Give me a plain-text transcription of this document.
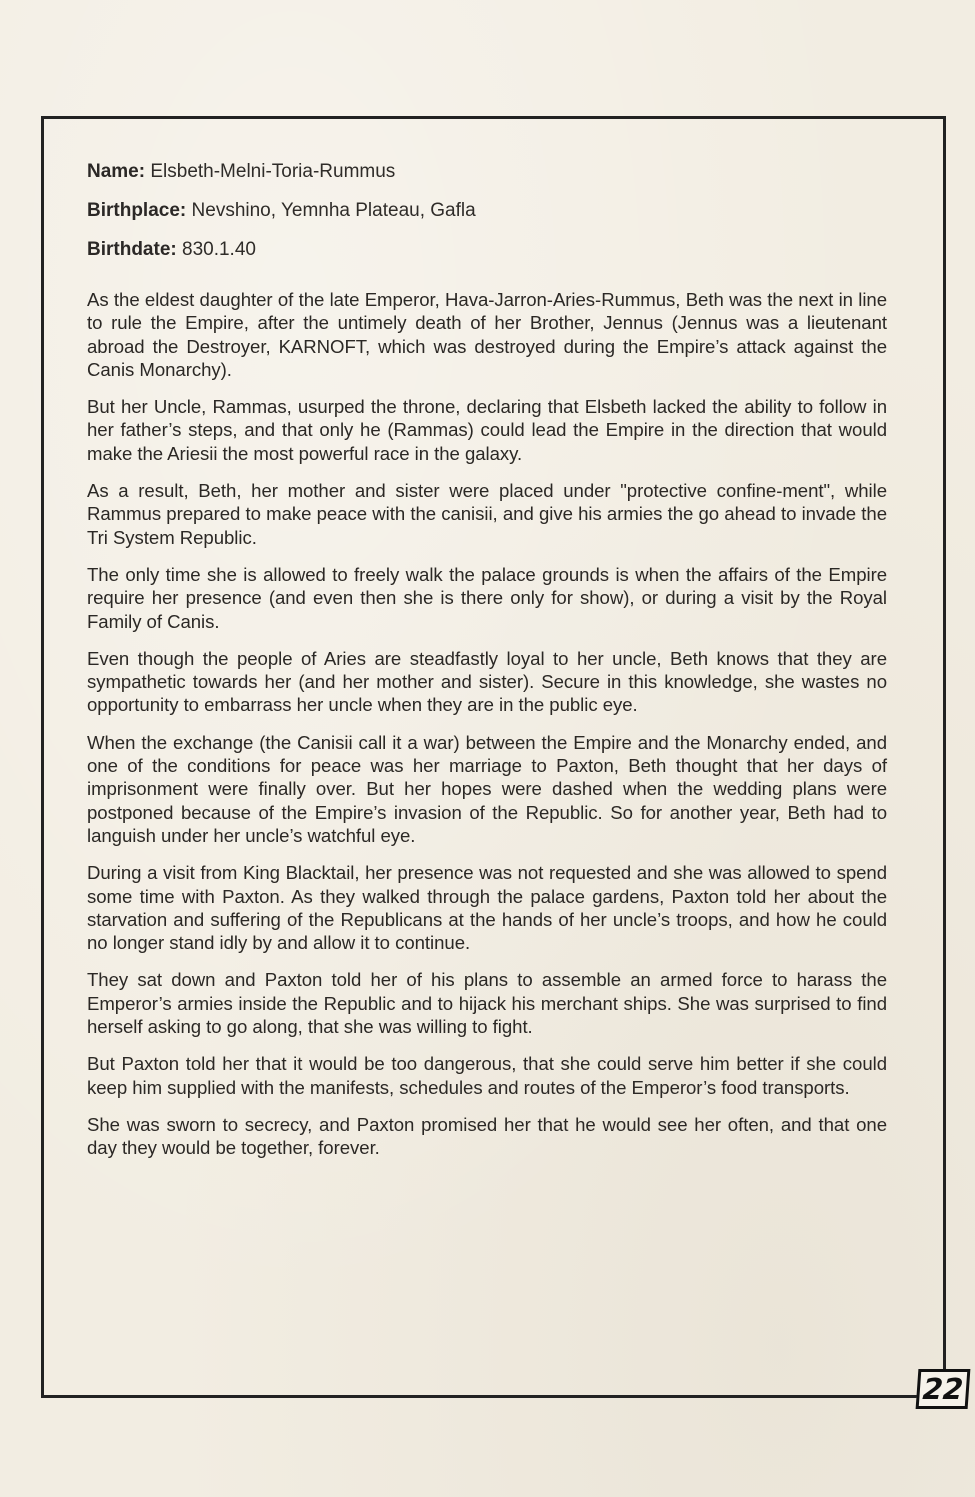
Name: Elsbeth-Melni-Toria-Rummus
Birthplace: Nevshino, Yemnha Plateau, Gafla
Birthdate: 830.1.40

As the eldest daughter of the late Emperor, Hava-Jarron-Aries-Rummus, Beth was the next in line to rule the Empire, after the untimely death of her Brother, Jennus (Jennus was a lieutenant abroad the Destroyer, KARNOFT, which was destroyed during the Empire’s attack against the Canis Monarchy).

But her Uncle, Rammas, usurped the throne, declaring that Elsbeth lacked the ability to follow in her father’s steps, and that only he (Rammas) could lead the Empire in the direction that would make the Ariesii the most powerful race in the galaxy.

As a result, Beth, her mother and sister were placed under "protective confine-ment", while Rammus prepared to make peace with the canisii, and give his armies the go ahead to invade the Tri System Republic.

The only time she is allowed to freely walk the palace grounds is when the affairs of the Empire require her presence (and even then she is there only for show), or during a visit by the Royal Family of Canis.

Even though the people of Aries are steadfastly loyal to her uncle, Beth knows that they are sympathetic towards her (and her mother and sister). Secure in this knowledge, she wastes no opportunity to embarrass her uncle when they are in the public eye.

When the exchange (the Canisii call it a war) between the Empire and the Monarchy ended, and one of the conditions for peace was her marriage to Paxton, Beth thought that her days of imprisonment were finally over. But her hopes were dashed when the wedding plans were postponed because of the Empire’s invasion of the Republic. So for another year, Beth had to languish under her uncle’s watchful eye.

During a visit from King Blacktail, her presence was not requested and she was allowed to spend some time with Paxton. As they walked through the palace gardens, Paxton told her about the starvation and suffering of the Republicans at the hands of her uncle’s troops, and how he could no longer stand idly by and allow it to continue.

They sat down and Paxton told her of his plans to assemble an armed force to harass the Emperor’s armies inside the Republic and to hijack his merchant ships. She was surprised to find herself asking to go along, that she was willing to fight.

But Paxton told her that it would be too dangerous, that she could serve him better if she could keep him supplied with the manifests, schedules and routes of the Emperor’s food transports.

She was sworn to secrecy, and Paxton promised her that he would see her often, and that one day they would be together, forever.

22
